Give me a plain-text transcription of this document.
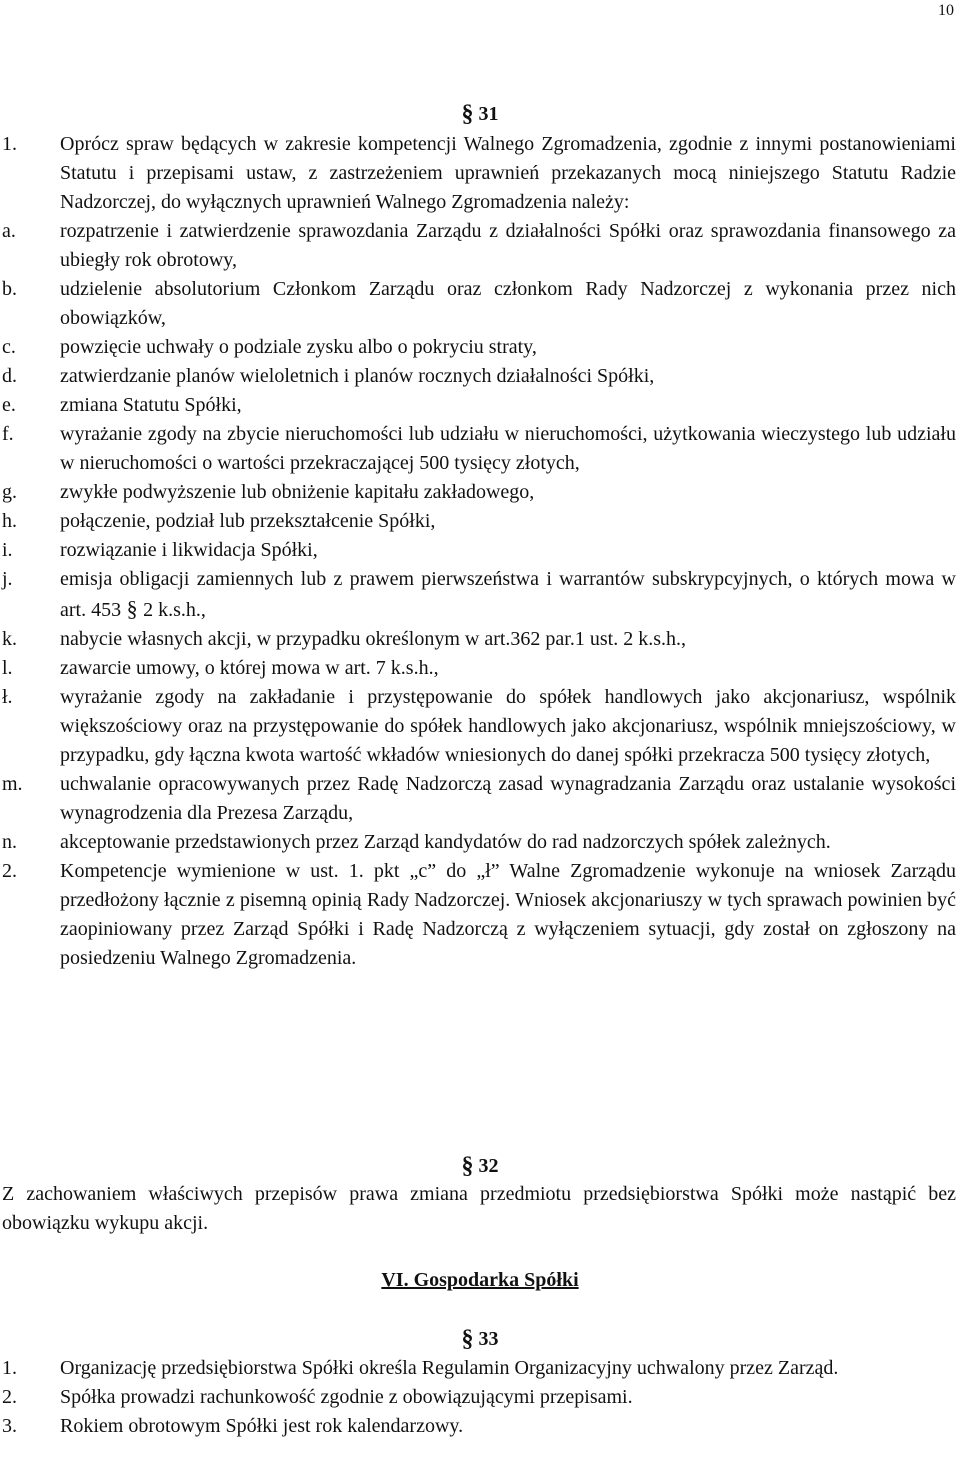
10
§ 31
1. Oprócz spraw będących w zakresie kompetencji Walnego Zgromadzenia, zgodnie z innymi postanowieniami Statutu i przepisami ustaw, z zastrzeżeniem uprawnień przekazanych mocą niniejszego Statutu Radzie Nadzorczej, do wyłącznych uprawnień Walnego Zgromadzenia należy:
a. rozpatrzenie i zatwierdzenie sprawozdania Zarządu z działalności Spółki oraz sprawozdania finansowego za ubiegły rok obrotowy,
b. udzielenie absolutorium Członkom Zarządu oraz członkom Rady Nadzorczej z wykonania przez nich obowiązków,
c. powzięcie uchwały o podziale zysku albo o pokryciu straty,
d. zatwierdzanie planów wieloletnich i planów rocznych działalności Spółki,
e. zmiana Statutu Spółki,
f. wyrażanie zgody na zbycie nieruchomości lub udziału w nieruchomości, użytkowania wieczystego lub udziału w nieruchomości o wartości przekraczającej 500 tysięcy złotych,
g. zwykłe podwyższenie lub obniżenie kapitału zakładowego,
h. połączenie, podział lub przekształcenie Spółki,
i. rozwiązanie i likwidacja Spółki,
j. emisja obligacji zamiennych lub z prawem pierwszeństwa i warrantów subskrypcyjnych, o których mowa w art. 453 § 2 k.s.h.,
k. nabycie własnych akcji, w przypadku określonym w art.362 par.1 ust. 2 k.s.h.,
l. zawarcie umowy, o której mowa w art. 7 k.s.h.,
ł. wyrażanie zgody na zakładanie i przystępowanie do spółek handlowych jako akcjonariusz, wspólnik większościowy oraz na przystępowanie do spółek handlowych jako akcjonariusz, wspólnik mniejszościowy, w przypadku, gdy łączna kwota wartość wkładów wniesionych do danej spółki przekracza 500 tysięcy złotych,
m. uchwalanie opracowywanych przez Radę Nadzorczą zasad wynagradzania Zarządu oraz ustalanie wysokości wynagrodzenia dla Prezesa Zarządu,
n. akceptowanie przedstawionych przez Zarząd kandydatów do rad nadzorczych spółek zależnych.
2. Kompetencje wymienione w ust. 1. pkt „c” do „ł” Walne Zgromadzenie wykonuje na wniosek Zarządu przedłożony łącznie z pisemną opinią Rady Nadzorczej. Wniosek akcjonariuszy w tych sprawach powinien być zaopiniowany przez Zarząd Spółki i Radę Nadzorczą z wyłączeniem sytuacji, gdy został on zgłoszony na posiedzeniu Walnego Zgromadzenia.
§ 32
Z zachowaniem właściwych przepisów prawa zmiana przedmiotu przedsiębiorstwa Spółki może nastąpić bez obowiązku wykupu akcji.
VI. Gospodarka Spółki
§ 33
1. Organizację przedsiębiorstwa Spółki określa Regulamin Organizacyjny uchwalony przez Zarząd.
2. Spółka prowadzi rachunkowość zgodnie z obowiązującymi przepisami.
3. Rokiem obrotowym Spółki jest rok kalendarzowy.
